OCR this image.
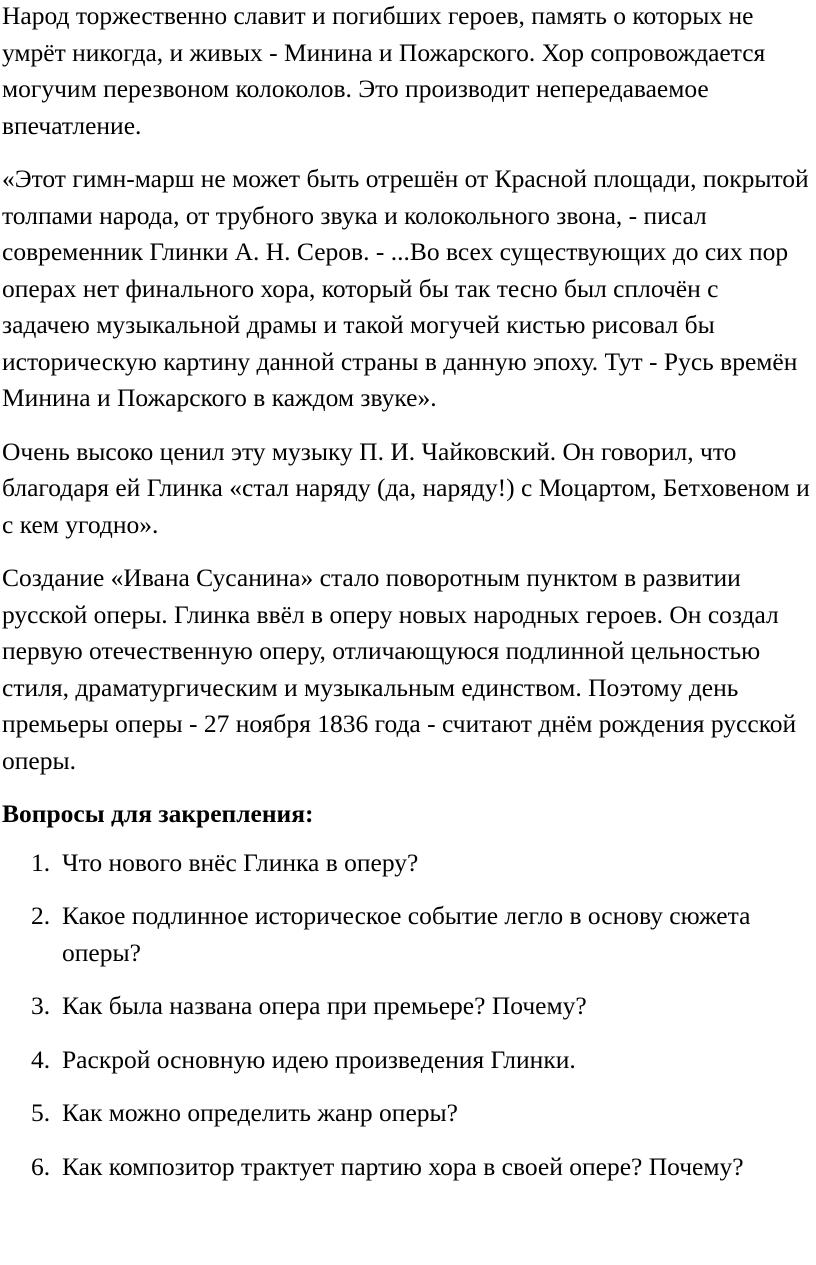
Народ торжественно славит и погибших героев, память о которых не умрёт никогда, и живых - Минина и Пожарского. Хор сопровождается могучим перезвоном колоколов. Это производит непередаваемое впечатление.

«Этот гимн-марш не может быть отрешён от Красной площади, покрытой толпами народа, от трубного звука и колокольного звона, - писал современник Глинки А. Н. Серов. - ...Во всех существующих до сих пор операх нет финального хора, который бы так тесно был сплочён с задачею музыкальной драмы и такой могучей кистью рисовал бы историческую картину данной страны в данную эпоху. Тут - Русь времён Минина и Пожарского в каждом звуке».

Очень высоко ценил эту музыку П. И. Чайковский. Он говорил, что благодаря ей Глинка «стал наряду (да, наряду!) с Моцартом, Бетховеном и с кем угодно».

Создание «Ивана Сусанина» стало поворотным пунктом в развитии русской оперы. Глинка ввёл в оперу новых народных героев. Он создал первую отечественную оперу, отличающуюся подлинной цельностью стиля, драматургическим и музыкальным единством. Поэтому день премьеры оперы - 27 ноября 1836 года - считают днём рождения русской оперы.

Вопросы для закрепления:
1. Что нового внёс Глинка в оперу?
2. Какое подлинное историческое событие легло в основу сюжета оперы?
3. Как была названа опера при премьере? Почему?
4. Раскрой основную идею произведения Глинки.
5. Как можно определить жанр оперы?
6. Как композитор трактует партию хора в своей опере? Почему?
